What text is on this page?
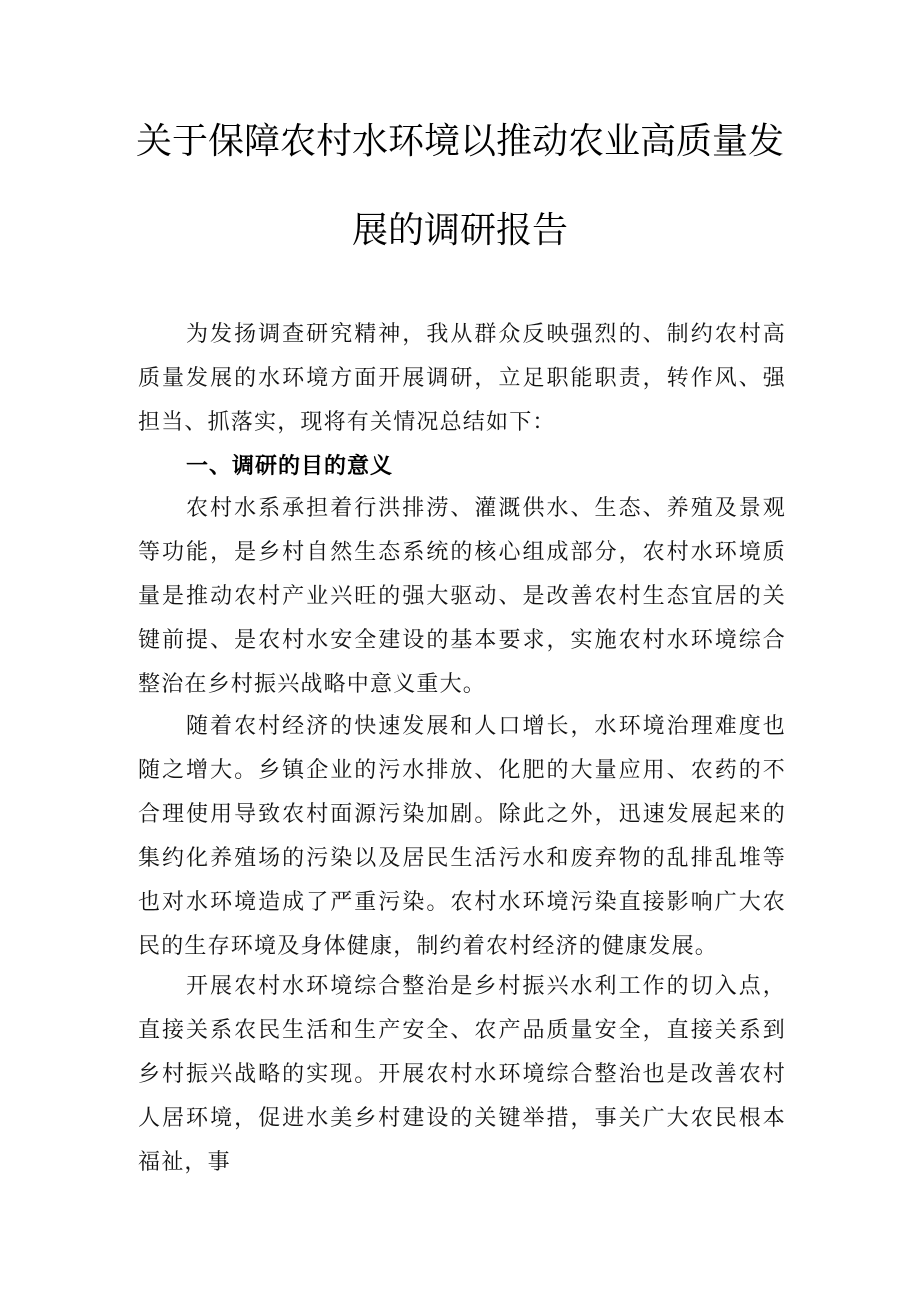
关于保障农村水环境以推动农业高质量发
展的调研报告

为发扬调查研究精神，我从群众反映强烈的、制约农村高质量发展的水环境方面开展调研，立足职能职责，转作风、强担当、抓落实，现将有关情况总结如下：

一、调研的目的意义

农村水系承担着行洪排涝、灌溉供水、生态、养殖及景观等功能，是乡村自然生态系统的核心组成部分，农村水环境质量是推动农村产业兴旺的强大驱动、是改善农村生态宜居的关键前提、是农村水安全建设的基本要求，实施农村水环境综合整治在乡村振兴战略中意义重大。

随着农村经济的快速发展和人口增长，水环境治理难度也随之增大。乡镇企业的污水排放、化肥的大量应用、农药的不合理使用导致农村面源污染加剧。除此之外，迅速发展起来的集约化养殖场的污染以及居民生活污水和废弃物的乱排乱堆等也对水环境造成了严重污染。农村水环境污染直接影响广大农民的生存环境及身体健康，制约着农村经济的健康发展。

开展农村水环境综合整治是乡村振兴水利工作的切入点，直接关系农民生活和生产安全、农产品质量安全，直接关系到乡村振兴战略的实现。开展农村水环境综合整治也是改善农村人居环境，促进水美乡村建设的关键举措，事关广大农民根本福祉，事
